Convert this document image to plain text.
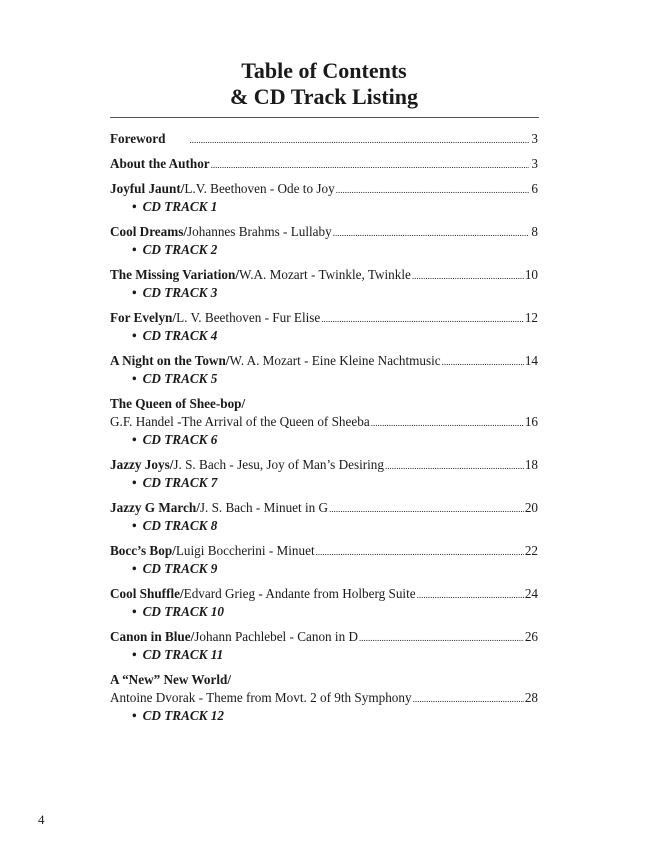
Table of Contents
& CD Track Listing
Foreword .....	3
About the Author .....	3
Joyful Jaunt / L.V. Beethoven - Ode to Joy .....	6
• CD TRACK 1
Cool Dreams / Johannes Brahms - Lullaby .....	8
• CD TRACK 2
The Missing Variation / W.A. Mozart - Twinkle, Twinkle .....	10
• CD TRACK 3
For Evelyn / L. V. Beethoven - Fur Elise .....	12
• CD TRACK 4
A Night on the Town / W. A. Mozart - Eine Kleine Nachtmusic .....	14
• CD TRACK 5
The Queen of Shee-bop /
G.F. Handel -The Arrival of the Queen of Sheeba .....	16
• CD TRACK 6
Jazzy Joys / J. S. Bach - Jesu, Joy of Man’s Desiring .....	18
• CD TRACK 7
Jazzy G March / J. S. Bach - Minuet in G .....	20
• CD TRACK 8
Bocc’s Bop / Luigi Boccherini - Minuet .....	22
• CD TRACK 9
Cool Shuffle / Edvard Grieg - Andante from Holberg Suite .....	24
• CD TRACK 10
Canon in Blue / Johann Pachlebel - Canon in D .....	26
• CD TRACK 11
A “New” New World /
Antoine Dvorak - Theme from Movt. 2 of 9th Symphony .....	28
• CD TRACK 12
4
